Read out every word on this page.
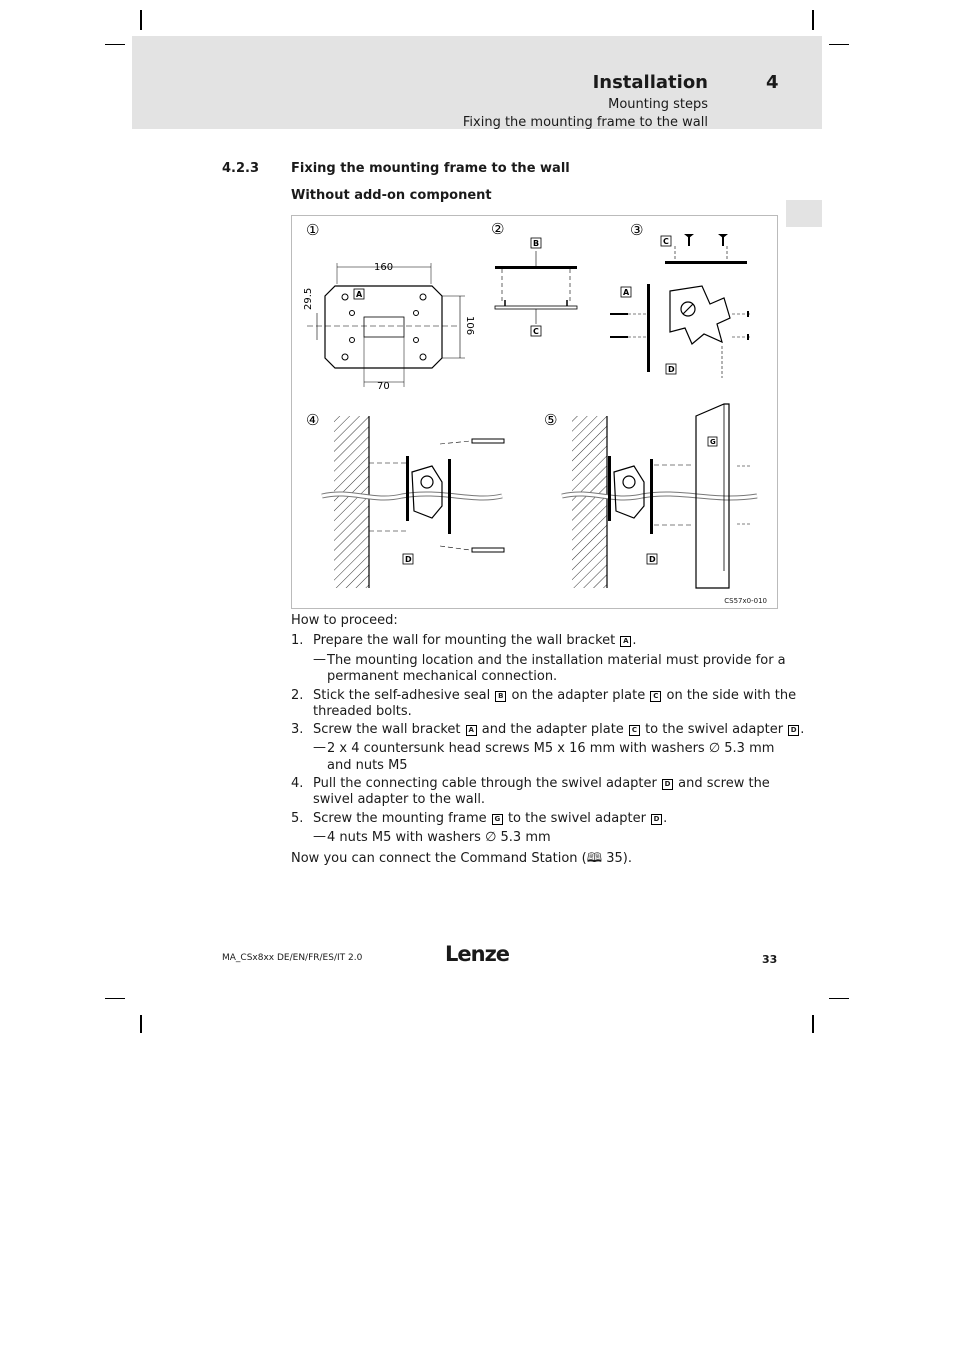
Installation	4
Mounting steps
Fixing the mounting frame to the wall
4.2.3 Fixing the mounting frame to the wall
Without add-on component
①	②	③
④	⑤
160
70
29.5
106
A
B
C
C
A
D
D	D
G
CS57x0-010
How to proceed:
1. Prepare the wall for mounting the wall bracket A .
— The mounting location and the installation material must provide for a
permanent mechanical connection.
2. Stick the self-adhesive seal B on the adapter plate C on the side with the
threaded bolts.
3. Screw the wall bracket A and the adapter plate C to the swivel adapter D .
— 2 x 4 countersunk head screws M5 x 16 mm with washers ∅ 5.3 mm
and nuts M5
4. Pull the connecting cable through the swivel adapter D and screw the
swivel adapter to the wall.
5. Screw the mounting frame G to the swivel adapter D .
— 4 nuts M5 with washers ∅ 5.3 mm
Now you can connect the Command Station (🕮 35).
MA_CSx8xx DE/EN/FR/ES/IT 2.0	Lenze	33
